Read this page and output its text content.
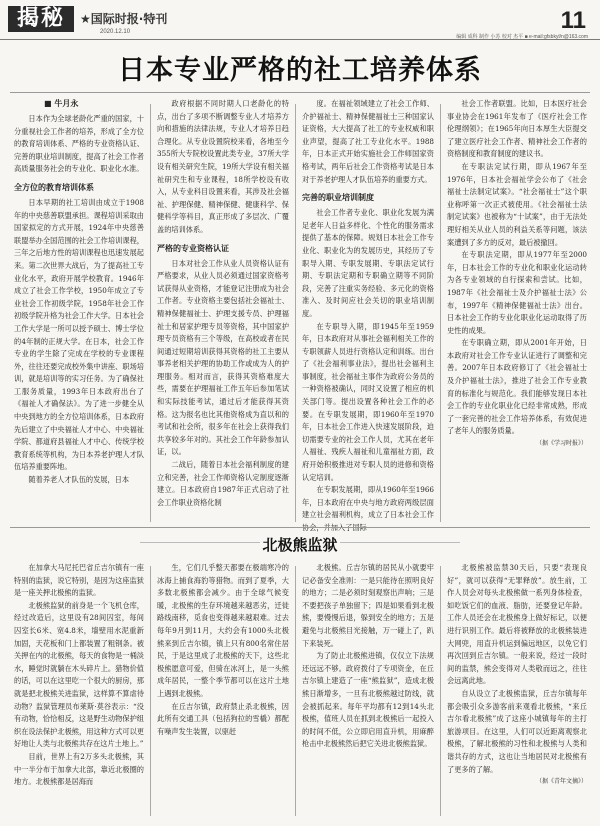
揭秘	★国际时报·特刊
2020.12.10
编辑 成科 制作 小苏 校对 杰平 ■ e-mail:gfsbkyl/n@163.com
11
日本专业严格的社工培养体系

■ 牛月永

日本作为全球老龄化严重的国家，十分重视社会工作者的培养，形成了全方位的教育培训体系、严格的专业资格认证、完善的职业培训制度，提高了社会工作者高质量服务社会的专业化、职业化水准。

全方位的教育培训体系

日本早期的社工培训由成立于1908年的中央慈善联盟承担。课程培训采取由国家拟定的方式开展，1924年中央慈善联盟举办全国范围的社会工作培训课程，三年之后地方性的培训课程也迅速发展起来。第二次世界大战后，为了提高社工专业化水平，政府开展学校教育。1946年成立了社会工作学校，1950年成立了专业社会工作初级学院，1958年社会工作初级学院升格为社会工作大学。日本社会工作大学是一所可以授予硕士、博士学位的4年制的正规大学。在日本，社会工作专业的学生除了完成在学校的专业课程外，往往还要完成校外集中讲座、职场培训，就是培训等的实习任务。为了确保社工服务质量，1993年日本政府出台了《福祉人才确保法》。为了进一步健全从中央到地方的全方位培训体系，日本政府先后建立了中央福祉人才中心、中央福祉学院、都道府县福祉人才中心、传统学校教育系统等机构，为日本养老护理人才队伍培养重要阵地。

随着养老人才队伍的发展，日本

政府根据不同时期人口老龄化的特点，出台了多项不断调整专业人才培养方向和措施的法律法规，专业人才培养日趋合理化。从专业设置院校来看，各地至今355所大专院校设置此类专业，37所大学设有相关研究生院，19所大学设有相关福祉研究生和专业课程，18所学校设有收入，从专业科目设置来看，其涉及社会福祉、护理保健、精神保健、健康科学、保健科学等科目，真正形成了多层次、广覆盖的培训体系。

严格的专业资格认证

日本对社会工作从业人员资格认证有严格要求，从业人员必须通过国家资格考试获得从业资格，才能登记注册成为社会工作者。专业资格主要包括社会福祉士、精神保健福祉士、护理支援专员、护理福祉士和居家护理专员等资格，其中国家护理专员资格有三个等级，在高校或者在民间通过短期培训获得其资格的社工主要从事养老相关护理的协助工作或成为人的护理服务。相对而言，获得其资格难度大些，需要在护理福祉工作五年后参加笔试和实际技能考试，通过后才能获得其资格。这为报名也比其他资格成为直以和的考试和社会所，很多年在社会上获得我们共享较多年对的。其社会工作年龄参加认证，以。

二战后，随着日本社会福利制度的建立和完善，社会工作师资格认定制度逐渐建立。日本政府自1987年正式启动了社会工作职业资格化制

度。在福祉领域建立了社会工作师、介护福祉士、精神保健福祉士三种国家认证资格，大大提高了社工的专业权威和职业声望，提高了社工专业化水平。1988年，日本正式开始实施社会工作师国家资格考试，两年后社会工作资格考试是日本对于养老护理人才队伍培养的重要方式。

完善的职业培训制度

社会工作者专业化、职业化发展为满足老年人日益多样化、个性化的服务需求提供了基本的保障。规划日本社会工作专业化、职业化为的发展历史，其经历了专职导入期、专职发展期、专职法定试行期、专职法定期和专职确立期等不同阶段，完善了注重实务经验、多元化的资格准入、及时间应社会关切的职业培训制度。

在专职导入期，即1945年至1959年，日本政府对从事社会福利相关工作的专职领薪人员进行资格认定和训练。出台了《社会福利事业法》，提出社会福利主事制度，社会福祉主事作为政府公务员的一种资格被确认，同时又设置了相应的机关部门等。提出设置各种社会工作的必要。在专职发展期，即1960年至1970年，日本社会工作进入快速发展阶段，迫切需要专业的社会工作人员，尤其在老年人福祉、残疾人福祉和儿童福祉方面，政府开始积极推进对专职人员的进修和资格认定培训。

在专职发展期，即从1960年至1966年，日本政府在中央与地方政府两级层面建立社会福利机构，成立了日本社会工作

社会工作者联盟。比如，日本医疗社会事业协会在1961年发布了《医疗社会工作伦理纲领》；在1965年向日本厚生大臣提交了建立医疗社会工作者、精神社会工作者的资格制度和教育制度的建议书。

在专职法定试行期，即从1967年至1976年，日本社会福祉学会公布了《社会福祉士法制定试案》。“社会福祉士”这个职业称呼第一次正式被使用。《社会福祉士法制定试案》也被称为“十试案”，由于无法处理好相关从业人员的利益关系等问题，该法案遭到了多方的反对，最后被撤回。

在专职法定期，即从1977年至2000年，日本社会工作的专业化和职业化运动转为各专业领域的自行探索和尝试。比如，1987年《社会福祉士及介护福祉士法》公布，1997年《精神保健福祉士法》出台。日本社会工作的专业化职业化运动取得了历史性的成果。

在专职确立期，即从2001年开始，日本政府对社会工作专业认证进行了调整和完善。2007年日本政府修订了《社会福祉士及介护福祉士法》，推进了社会工作专业教育的标准化与规范化。我们能够发现日本社会工作的专业化职业化已经非常成熟，形成了一套完善的社会工作培养体系，有效促进了老年人的服务质量。

（据《学习时报》）

北极熊监狱

在加拿大马尼托巴省丘吉尔镇有一座特别的监狱，说它特别，是因为这座监狱是一座关押北极熊的监狱。

北极熊监狱的前身是一个飞机仓库，经过改造后，这里设有28间囚室，每间囚室长6米、宽4.8米，墙壁用水泥重新加固，天花板和门上都装置了粗钢条。被关押在内的北极熊，每天的食物是一桶淡水，睡觉时就躺在木头碎片上。猎物价值的话，可以在这里吃一个很大的厨房，那就是把北极熊关进监狱，这样算不算虐待动物？监狱管理员布莱斯·莫谷表示：“没有动物，恰恰相反，这是野生动物保护组织在设法保护北极熊，用这种方式可以更好地让人类与北极熊共存在这片土地上。”

目前，世界上有2万多头北极熊，其中一半分布于加拿大北部，靠近北极圈的地方。北极熊都是居海而

生，它们几乎整天都要在极端寒冷的冰海上捕食海豹等猎物。而到了夏季，大多数北极熊都会减少。由于全球气候变暖，北极熊的生存环境越来越恶劣，迁徙路线南移，觅食也变得越来越艰难。过去每年9月到11月，大约会有1000头北极熊来到丘吉尔镇，镇上只有800名常住居民，于是这里成了北极熊的天下，这些北极熊愿意可爱，但骑在冰河上，是一头熊成年居民，一整个季节都可以在这片土地上遇到北极熊。

在丘吉尔镇，政府禁止杀北极熊，因此所有交通工具（包括狗拉的雪橇）都配有噪声发生装置，以驱赶

北极熊。丘吉尔镇的居民从小就要牢记必备安全准则：一是只能待在照明良好的地方；二是必须时刻观察出声响；三是不要把孩子单独留下；四是如果看到北极熊，要慢慢后退，躲到安全的地方；五是避免与北极熊目光接触，万一碰上了，趴下来装死。

为了防止北极熊进镇，仅仅立下法规还远远不够。政府拨付了专项资金，在丘吉尔镇上建造了一座“熊监狱”，造成北极熊日渐增多，一旦有北极熊越过防线，就会被抓起来。每年平均都有12到14头北极熊，值班人员在抓到北极熊后一起投入的时间不低，公立即启用直升机，用麻醉枪击中北极熊然后把它关进北极熊监狱。

北极熊被监禁30天后，只要“表现良好”，就可以获得“无罪释放”。放生前，工作人员会对每头北极熊做一系列身体检查，如吃饭它们的血液、脂肪，还要登记年龄。工作人员还会在北极熊身上做好标记，以便进行识别工作。最后将被释放的北极熊装进大网兜，用直升机运到偏远地区，以免它们再次回到丘吉尔镇。一般来说，经过一段时间的监禁，熊会变得对人类敬而远之，往往会远离此地。

自从设立了北极熊监狱，丘吉尔镇每年都会吸引众多游客前来观看北极熊，“来丘吉尔看北极熊”成了这座小城镇每年的主打旅游项目。在这里，人们可以近距离观察北极熊，了解北极熊的习性和北极熊与人类和谐共存的方式，这也让当地居民对北极熊有了更多的了解。

（据《青年文摘》）
